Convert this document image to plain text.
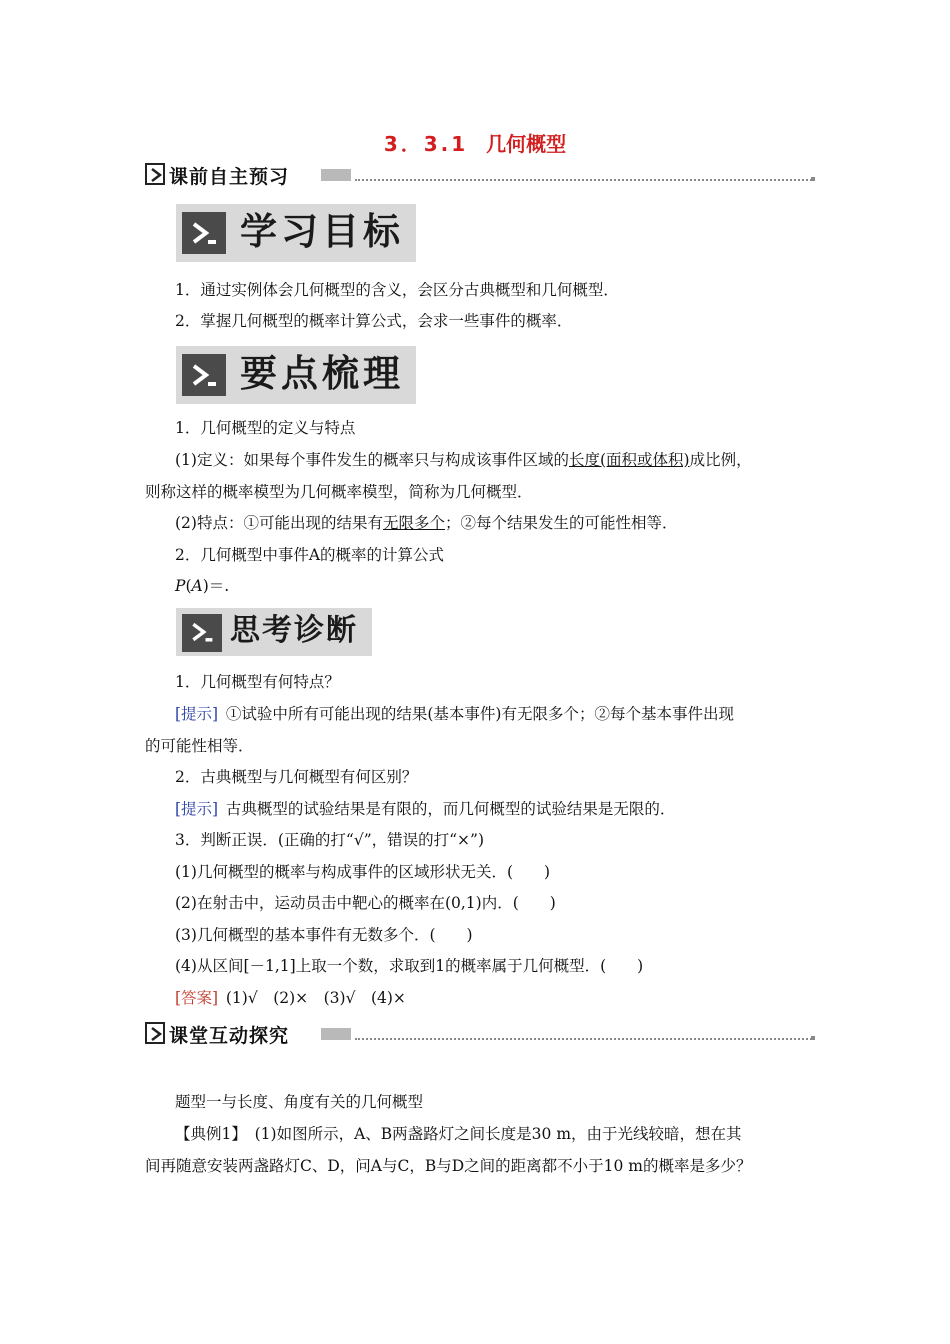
3．3.1 几何概型
课前自主预习
学习目标
1．通过实例体会几何概型的含义，会区分古典概型和几何概型．
2．掌握几何概型的概率计算公式，会求一些事件的概率．
要点梳理
1．几何概型的定义与特点
(1)定义：如果每个事件发生的概率只与构成该事件区域的长度(面积或体积)成比例，
则称这样的概率模型为几何概率模型，简称为几何概型．
(2)特点：①可能出现的结果有无限多个；②每个结果发生的可能性相等．
2．几何概型中事件A的概率的计算公式
P(A)＝.
思考诊断
1．几何概型有何特点？
[提示]  ①试验中所有可能出现的结果(基本事件)有无限多个；②每个基本事件出现
的可能性相等．
2．古典概型与几何概型有何区别？
[提示]  古典概型的试验结果是有限的，而几何概型的试验结果是无限的．
3．判断正误．(正确的打“√”，错误的打“×”)
(1)几何概型的概率与构成事件的区域形状无关．(　　)
(2)在射击中，运动员击中靶心的概率在(0,1)内．(　　)
(3)几何概型的基本事件有无数多个．(　　)
(4)从区间[－1,1]上取一个数，求取到1的概率属于几何概型．(　　)
[答案]  (1)√　(2)×　(3)√　(4)×
课堂互动探究
题型一与长度、角度有关的几何概型
【典例1】  (1)如图所示，A、B两盏路灯之间长度是30 m，由于光线较暗，想在其
间再随意安装两盏路灯C、D，问A与C，B与D之间的距离都不小于10 m的概率是多少？
